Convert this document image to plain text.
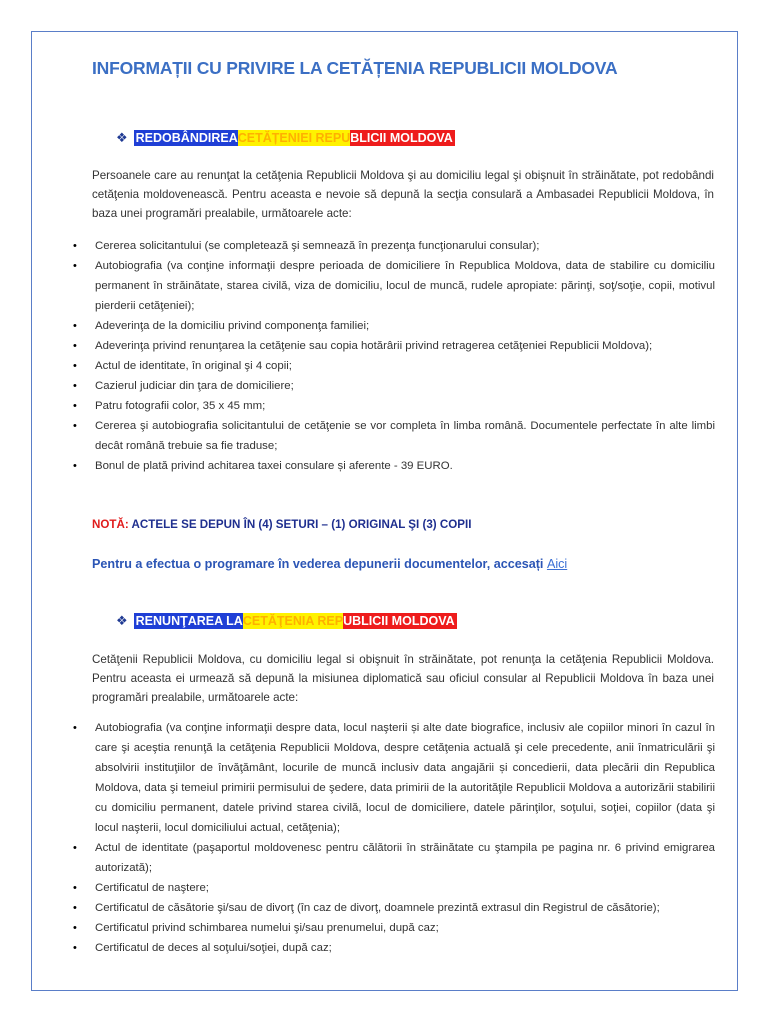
INFORMAȚII CU PRIVIRE LA CETĂȚENIA REPUBLICII MOLDOVA
❖ REDOBÂNDIREA CETĂȚENIEI REPU BLICII MOLDOVA
Persoanele care au renunţat la cetăţenia Republicii Moldova şi au domiciliu legal şi obişnuit în străinătate, pot redobândi cetăţenia moldovenească. Pentru aceasta e nevoie să depună la secţia consulară a Ambasadei Republicii Moldova, în baza unei programări prealabile, următoarele acte:
• Cererea solicitantului (se completează şi semnează în prezenţa funcţionarului consular);
• Autobiografia (va conţine informaţii despre perioada de domiciliere în Republica Moldova, data de stabilire cu domiciliu permanent în străinătate, starea civilă, viza de domiciliu, locul de muncă, rudele apropiate: părinţi, soţ/soţie, copii, motivul pierderii cetăţeniei);
• Adeverinţa de la domiciliu privind componenţa familiei;
• Adeverinţa privind renunţarea la cetăţenie sau copia hotărârii privind retragerea cetăţeniei Republicii Moldova);
• Actul de identitate, în original şi 4 copii;
• Cazierul judiciar din ţara de domiciliere;
• Patru fotografii color, 35 x 45 mm;
• Cererea şi autobiografia solicitantului de cetăţenie se vor completa în limba română. Documentele perfectate în alte limbi decât română trebuie sa fie traduse;
• Bonul de plată privind achitarea taxei consulare și aferente - 39 EURO.
NOTĂ: ACTELE SE DEPUN ÎN (4) SETURI – (1) ORIGINAL ŞI (3) COPII
Pentru a efectua o programare în vederea depunerii documentelor, accesați Aici
❖ RENUNŢAREA LA CETĂŢENIA REP UBLICII MOLDOVA
Cetăţenii Republicii Moldova, cu domiciliu legal si obişnuit în străinătate, pot renunţa la cetăţenia Republicii Moldova. Pentru aceasta ei urmează să depună la misiunea diplomatică sau oficiul consular al Republicii Moldova în baza unei programări prealabile, următoarele acte:
• Autobiografia (va conţine informaţii despre data, locul naşterii și alte date biografice, inclusiv ale copiilor minori în cazul în care şi aceştia renunţă la cetăţenia Republicii Moldova, despre cetăţenia actuală şi cele precedente, anii înmatriculării şi absolvirii instituţiilor de învăţământ, locurile de muncă inclusiv data angajării și concedierii, data plecării din Republica Moldova, data şi temeiul primirii permisului de şedere, data primirii de la autorităţile Republicii Moldova a autorizării stabilirii cu domiciliu permanent, datele privind starea civilă, locul de domiciliere, datele părinţilor, soţului, soţiei, copiilor (data şi locul naşterii, locul domiciliului actual, cetăţenia);
• Actul de identitate (paşaportul moldovenesc pentru călătorii în străinătate cu ştampila pe pagina nr. 6 privind emigrarea autorizată);
• Certificatul de naştere;
• Certificatul de căsătorie şi/sau de divorţ (în caz de divorţ, doamnele prezintă extrasul din Registrul de căsătorie);
• Certificatul privind schimbarea numelui şi/sau prenumelui, după caz;
• Certificatul de deces al soţului/soţiei, după caz;
